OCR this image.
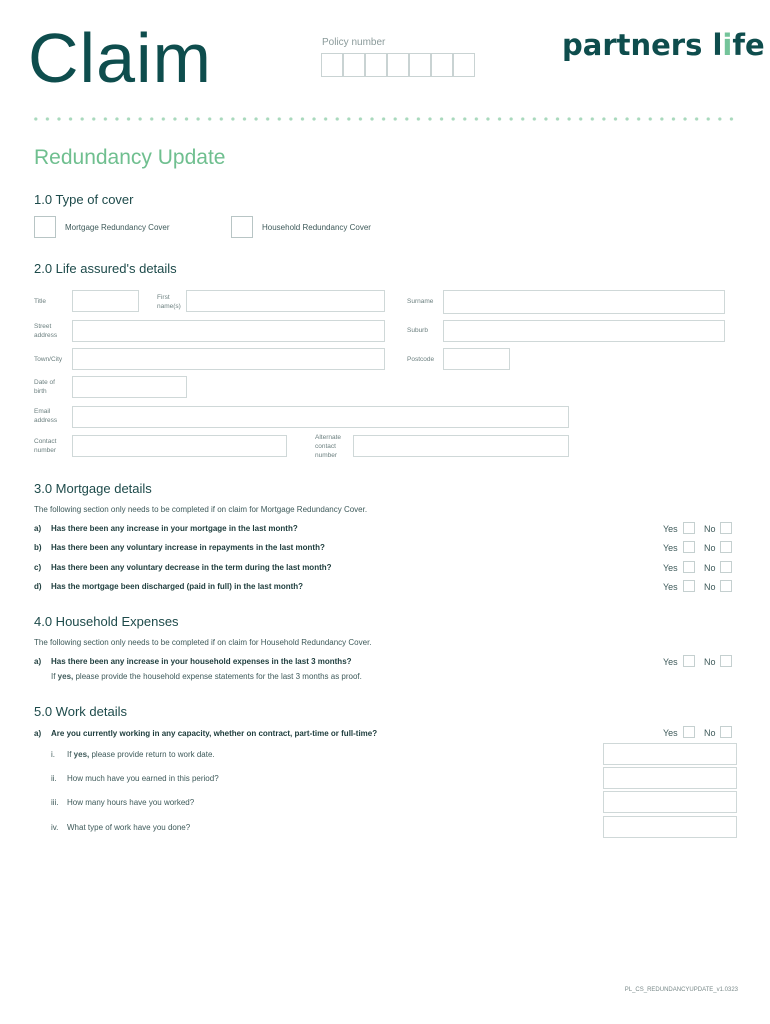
Claim	Policy number	partners life
Redundancy Update
1.0 Type of cover
Mortgage Redundancy Cover	Household Redundancy Cover
2.0 Life assured's details
Title
First name(s)
Surname
Street address
Suburb
Town/City	Postcode
Date of birth
Email address
Contact number
Alternate contact number
3.0 Mortgage details
The following section only needs to be completed if on claim for Mortgage Redundancy Cover.
a) Has there been any increase in your mortgage in the last month?	Yes	No
b) Has there been any voluntary increase in repayments in the last month?	Yes	No
c) Has there been any voluntary decrease in the term during the last month?	Yes	No
d) Has the mortgage been discharged (paid in full) in the last month?	Yes	No
4.0 Household Expenses
The following section only needs to be completed if on claim for Household Redundancy Cover.
a) Has there been any increase in your household expenses in the last 3 months?	Yes	No
If yes, please provide the household expense statements for the last 3 months as proof.
5.0 Work details
a) Are you currently working in any capacity, whether on contract, part-time or full-time?	Yes	No
i. If yes, please provide return to work date.
ii. How much have you earned in this period?
iii. How many hours have you worked?
iv. What type of work have you done?
PL_CS_REDUNDANCYUPDATE_v1.0323
